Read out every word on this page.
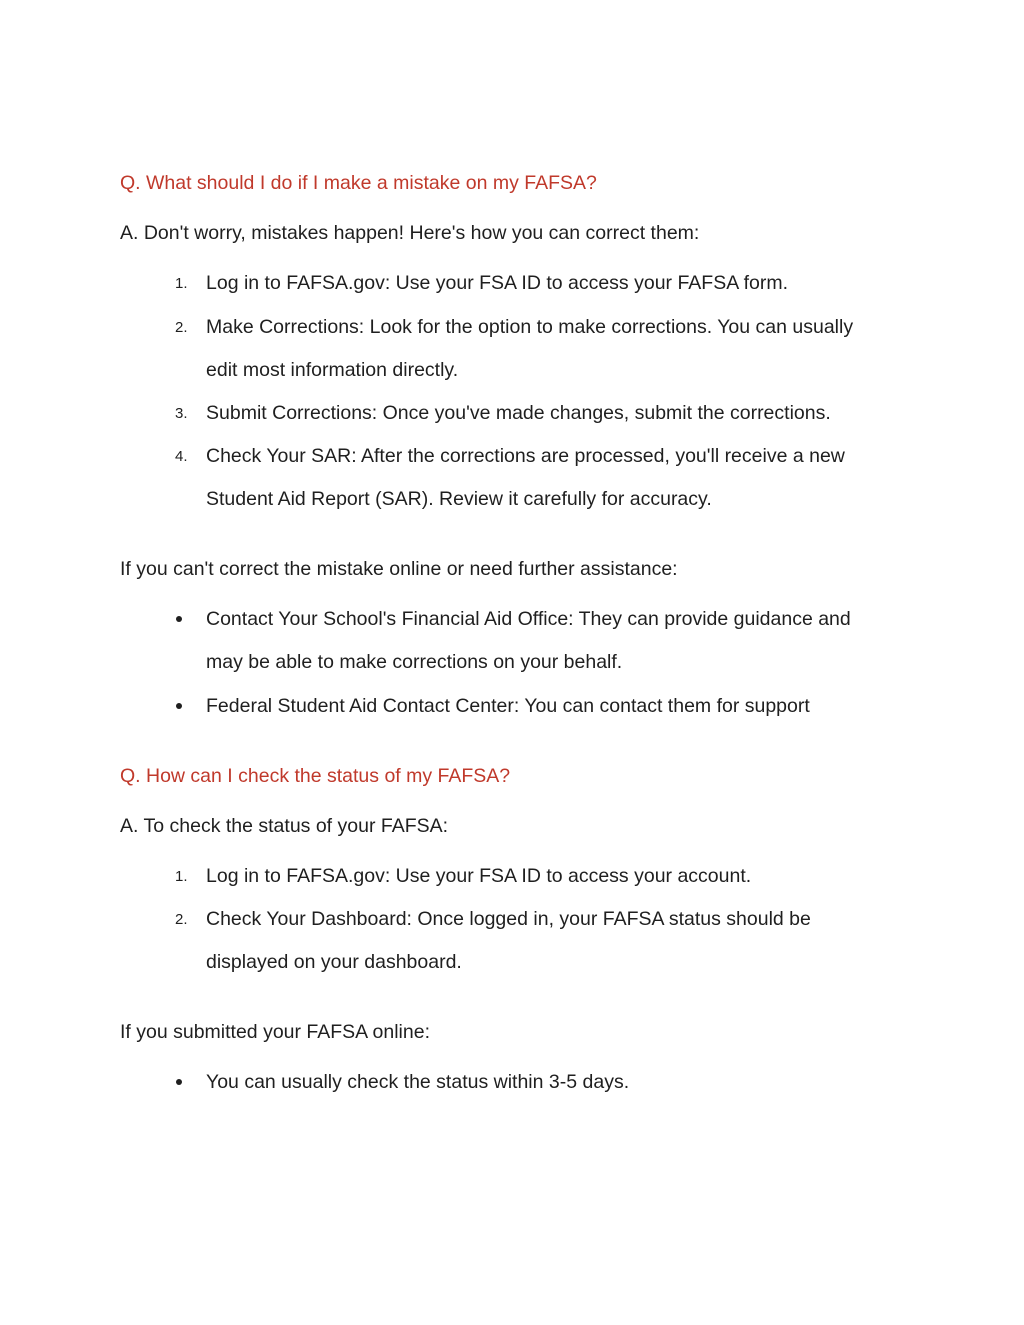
Q. What should I do if I make a mistake on my FAFSA?
A. Don't worry, mistakes happen! Here's how you can correct them:
1. Log in to FAFSA.gov: Use your FSA ID to access your FAFSA form.
2. Make Corrections: Look for the option to make corrections. You can usually
edit most information directly.
3. Submit Corrections: Once you've made changes, submit the corrections.
4. Check Your SAR: After the corrections are processed, you'll receive a new
Student Aid Report (SAR). Review it carefully for accuracy.
If you can't correct the mistake online or need further assistance:
Contact Your School's Financial Aid Office: They can provide guidance and
may be able to make corrections on your behalf.
Federal Student Aid Contact Center: You can contact them for support
Q. How can I check the status of my FAFSA?
A. To check the status of your FAFSA:
1. Log in to FAFSA.gov: Use your FSA ID to access your account.
2. Check Your Dashboard: Once logged in, your FAFSA status should be
displayed on your dashboard.
If you submitted your FAFSA online:
You can usually check the status within 3-5 days.
